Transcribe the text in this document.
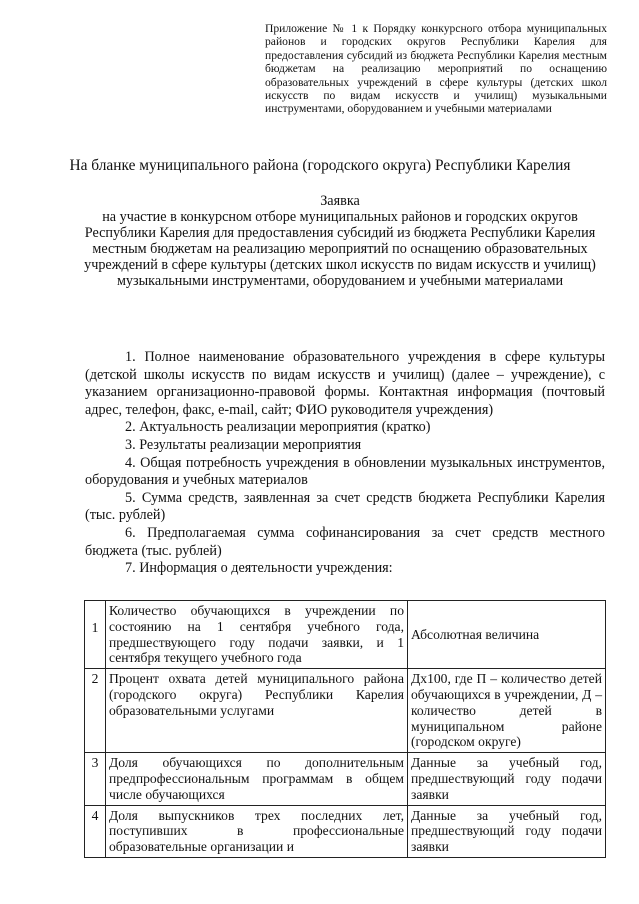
Приложение № 1 к Порядку конкурсного отбора муниципальных районов и городских округов Республики Карелия для предоставления субсидий из бюджета Республики Карелия местным бюджетам на реализацию мероприятий по оснащению образовательных учреждений в сфере культуры (детских школ искусств по видам искусств и училищ) музыкальными инструментами, оборудованием и учебными материалами
На бланке муниципального района (городского округа) Республики Карелия
Заявка
на участие в конкурсном отборе муниципальных районов и городских округов Республики Карелия для предоставления субсидий из бюджета Республики Карелия местным бюджетам на реализацию мероприятий по оснащению образовательных учреждений в сфере культуры (детских школ искусств по видам искусств и училищ) музыкальными инструментами, оборудованием и учебными материалами

1. Полное наименование образовательного учреждения в сфере культуры (детской школы искусств по видам искусств и училищ) (далее – учреждение), с указанием организационно-правовой формы. Контактная информация (почтовый адрес, телефон, факс, e-mail, сайт; ФИО руководителя учреждения)

2. Актуальность реализации мероприятия (кратко)

3. Результаты реализации мероприятия

4. Общая потребность учреждения в обновлении музыкальных инструментов, оборудования и учебных материалов

5. Сумма средств, заявленная за счет средств бюджета Республики Карелия (тыс. рублей)

6. Предполагаемая сумма софинансирования за счет средств местного бюджета (тыс. рублей)

7. Информация о деятельности учреждения:

1	Количество обучающихся в учреждении по состоянию на 1 сентября учебного года, предшествующего году подачи заявки, и 1 сентября текущего учебного года	Абсолютная величина
2	Процент охвата детей муниципального района (городского округа) Республики Карелия образовательными услугами	Дх100, где П – количество детей обучающихся в учреждении, Д – количество детей в муниципальном районе (городском округе)
3	Доля обучающихся по дополнительным предпрофессиональным программам в общем числе обучающихся	Данные за учебный год, предшествующий году подачи заявки
4	Доля выпускников трех последних лет, поступивших в профессиональные образовательные организации и	Данные за учебный год, предшествующий году подачи заявки
